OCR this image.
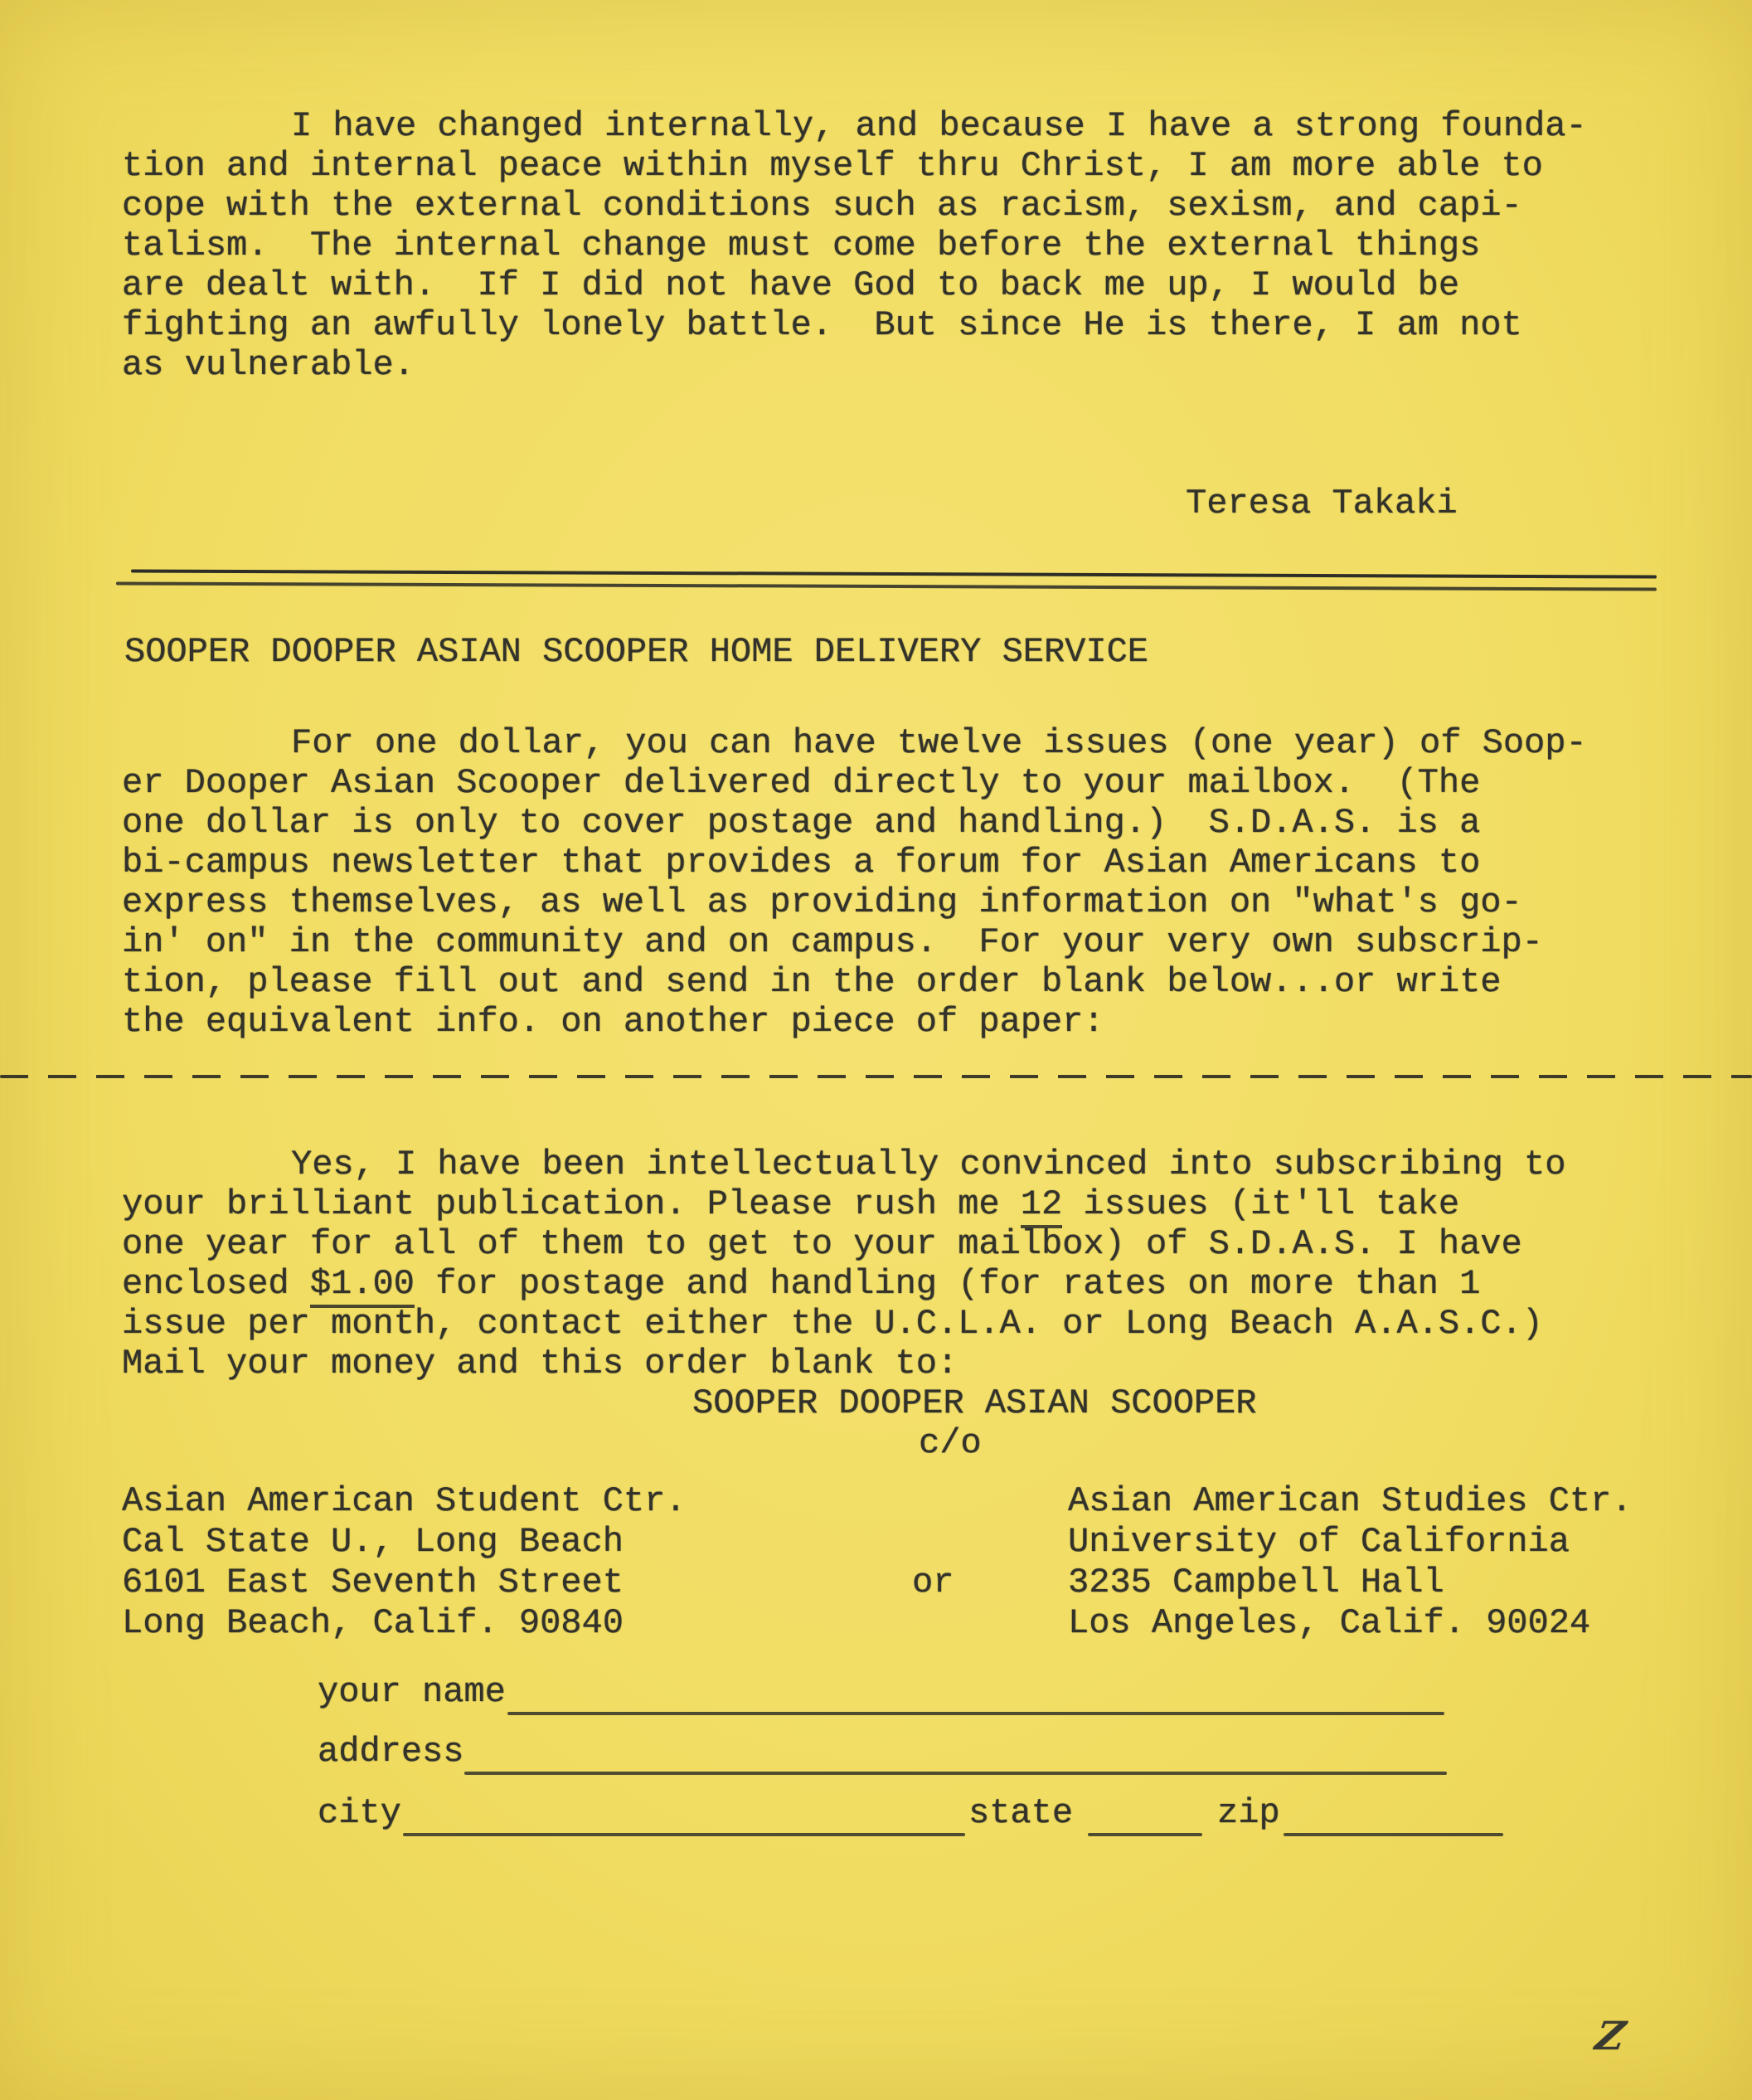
I have changed internally, and because I have a strong founda-
tion and internal peace within myself thru Christ, I am more able to
cope with the external conditions such as racism, sexism, and capi-
talism.  The internal change must come before the external things
are dealt with.  If I did not have God to back me up, I would be
fighting an awfully lonely battle.  But since He is there, I am not
as vulnerable.
Teresa Takaki
SOOPER DOOPER ASIAN SCOOPER HOME DELIVERY SERVICE
For one dollar, you can have twelve issues (one year) of Soop-
er Dooper Asian Scooper delivered directly to your mailbox.  (The
one dollar is only to cover postage and handling.)  S.D.A.S. is a
bi-campus newsletter that provides a forum for Asian Americans to
express themselves, as well as providing information on "what's go-
in' on" in the community and on campus.  For your very own subscrip-
tion, please fill out and send in the order blank below...or write
the equivalent info. on another piece of paper:
Yes, I have been intellectually convinced into subscribing to
your brilliant publication. Please rush me 12 issues (it'll take
one year for all of them to get to your mailbox) of S.D.A.S. I have
enclosed $1.00 for postage and handling (for rates on more than 1
issue per month, contact either the U.C.L.A. or Long Beach A.A.S.C.)
Mail your money and this order blank to:
SOOPER DOOPER ASIAN SCOOPER
c/o
Asian American Student Ctr.
Cal State U., Long Beach
6101 East Seventh Street
Long Beach, Calif. 90840
or
Asian American Studies Ctr.
University of California
3235 Campbell Hall
Los Angeles, Calif. 90024
your name
address
city	state	zip
Z
